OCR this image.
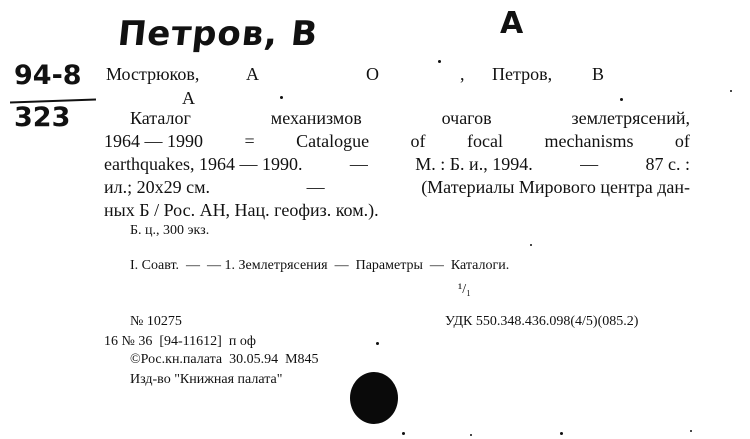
Петров, В	А
94-8
323
Мострюков,	А	О	, Петров, В
А
Каталог	механизмов	очагов	землетрясений,
1964 — 1990 = Catalogue of focal mechanisms of
earthquakes, 1964 — 1990.	—	М. : Б. и., 1994.	—	87 с. :
ил.; 20х29 см.	—	(Материалы Мирового центра дан-
ных Б / Рос. АН, Нац. геофиз. ком.).
Б. ц., 300 экз.
I. Соавт.  —  — 1. Землетрясения  —  Параметры  —  Каталоги.
¹/₁
№ 10275	УДК 550.348.436.098(4/5)(085.2)
16 № 36  [94-11612]  п оф
©Рос.кн.палата  30.05.94  М845
Изд-во "Книжная палата"
